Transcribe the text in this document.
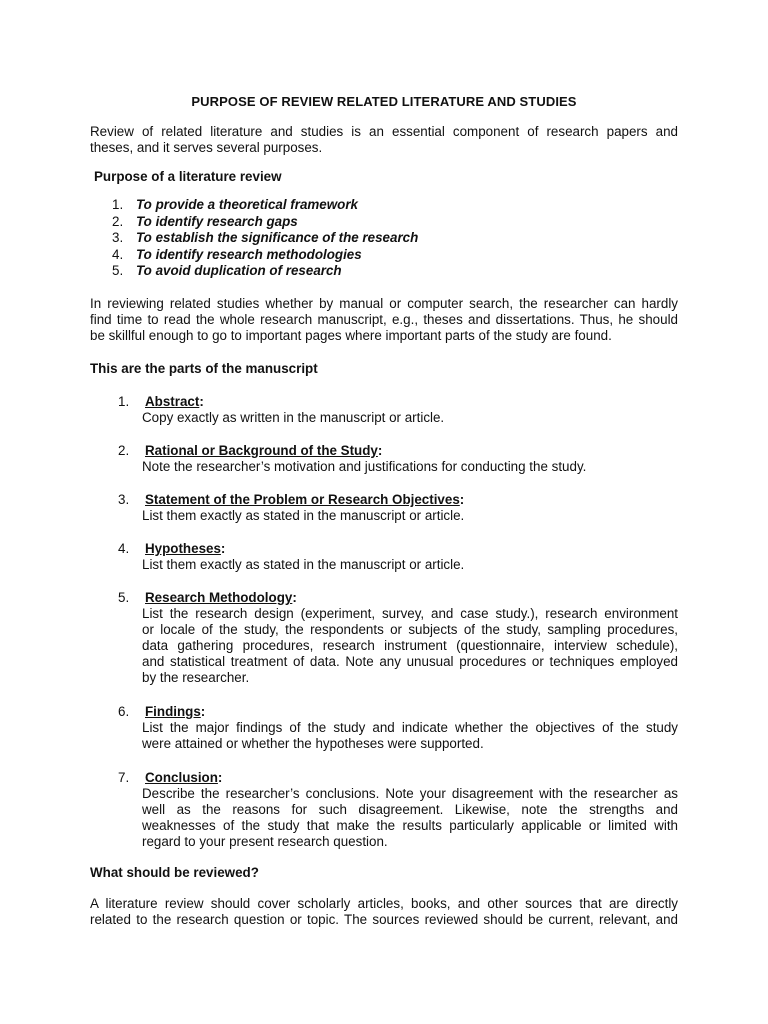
PURPOSE OF REVIEW RELATED LITERATURE AND STUDIES
Review of related literature and studies is an essential component of research papers and
theses, and it serves several purposes.
Purpose of a literature review
1. To provide a theoretical framework
2. To identify research gaps
3. To establish the significance of the research
4. To identify research methodologies
5. To avoid duplication of research
In reviewing related studies whether by manual or computer search, the researcher can hardly
find time to read the whole research manuscript, e.g., theses and dissertations. Thus, he should
be skillful enough to go to important pages where important parts of the study are found.
This are the parts of the manuscript
1. Abstract:
Copy exactly as written in the manuscript or article.
2. Rational or Background of the Study:
Note the researcher’s motivation and justifications for conducting the study.
3. Statement of the Problem or Research Objectives:
List them exactly as stated in the manuscript or article.
4. Hypotheses:
List them exactly as stated in the manuscript or article.
5. Research Methodology:
List the research design (experiment, survey, and case study.), research environment
or locale of the study, the respondents or subjects of the study, sampling procedures,
data gathering procedures, research instrument (questionnaire, interview schedule),
and statistical treatment of data. Note any unusual procedures or techniques employed
by the researcher.
6. Findings:
List the major findings of the study and indicate whether the objectives of the study
were attained or whether the hypotheses were supported.
7. Conclusion:
Describe the researcher’s conclusions. Note your disagreement with the researcher as
well as the reasons for such disagreement. Likewise, note the strengths and
weaknesses of the study that make the results particularly applicable or limited with
regard to your present research question.
What should be reviewed?
A literature review should cover scholarly articles, books, and other sources that are directly
related to the research question or topic. The sources reviewed should be current, relevant, and
